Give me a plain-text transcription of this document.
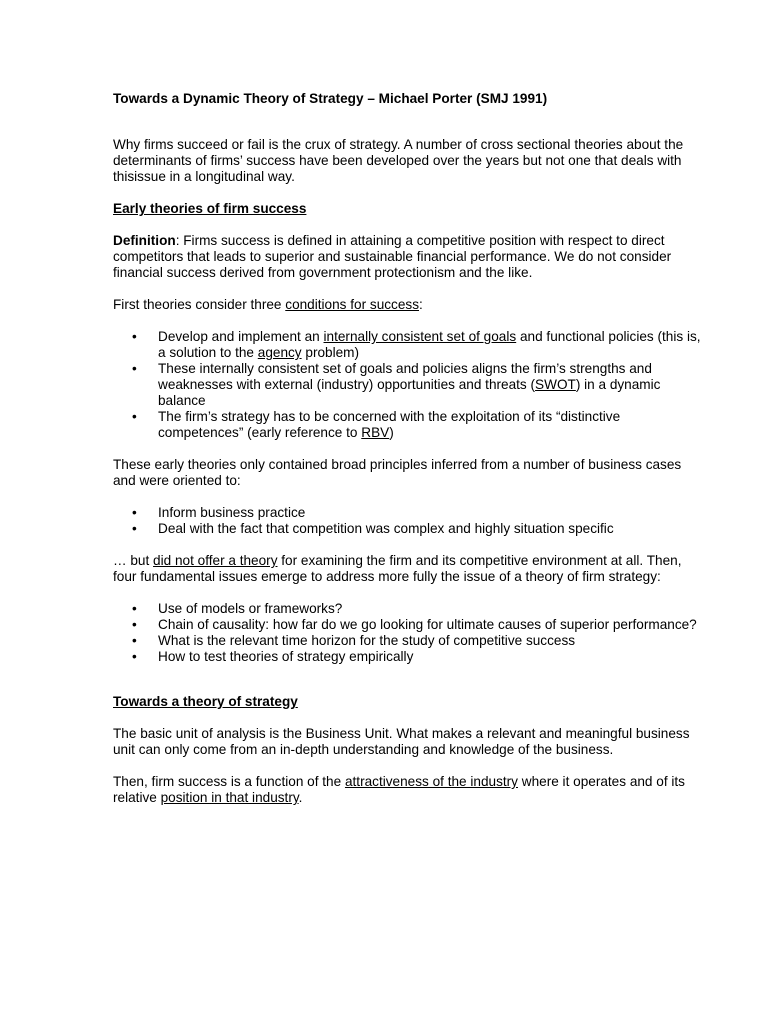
Towards a Dynamic Theory of Strategy – Michael Porter (SMJ 1991)

Why firms succeed or fail is the crux of strategy. A number of cross sectional theories about the determinants of firms’ success have been developed over the years but not one that deals with thisissue in a longitudinal way.

Early theories of firm success

Definition: Firms success is defined in attaining a competitive position with respect to direct competitors that leads to superior and sustainable financial performance. We do not consider financial success derived from government protectionism and the like.

First theories consider three conditions for success:

• Develop and implement an internally consistent set of goals and functional policies (this is, a solution to the agency problem)
• These internally consistent set of goals and policies aligns the firm’s strengths and weaknesses with external (industry) opportunities and threats (SWOT) in a dynamic balance
• The firm’s strategy has to be concerned with the exploitation of its “distinctive competences” (early reference to RBV)

These early theories only contained broad principles inferred from a number of business cases and were oriented to:

• Inform business practice
• Deal with the fact that competition was complex and highly situation specific

… but did not offer a theory for examining the firm and its competitive environment at all. Then, four fundamental issues emerge to address more fully the issue of a theory of firm strategy:

• Use of models or frameworks?
• Chain of causality: how far do we go looking for ultimate causes of superior performance?
• What is the relevant time horizon for the study of competitive success
• How to test theories of strategy empirically
Towards a theory of strategy

The basic unit of analysis is the Business Unit. What makes a relevant and meaningful business unit can only come from an in-depth understanding and knowledge of the business.

Then, firm success is a function of the attractiveness of the industry where it operates and of its relative position in that industry.
